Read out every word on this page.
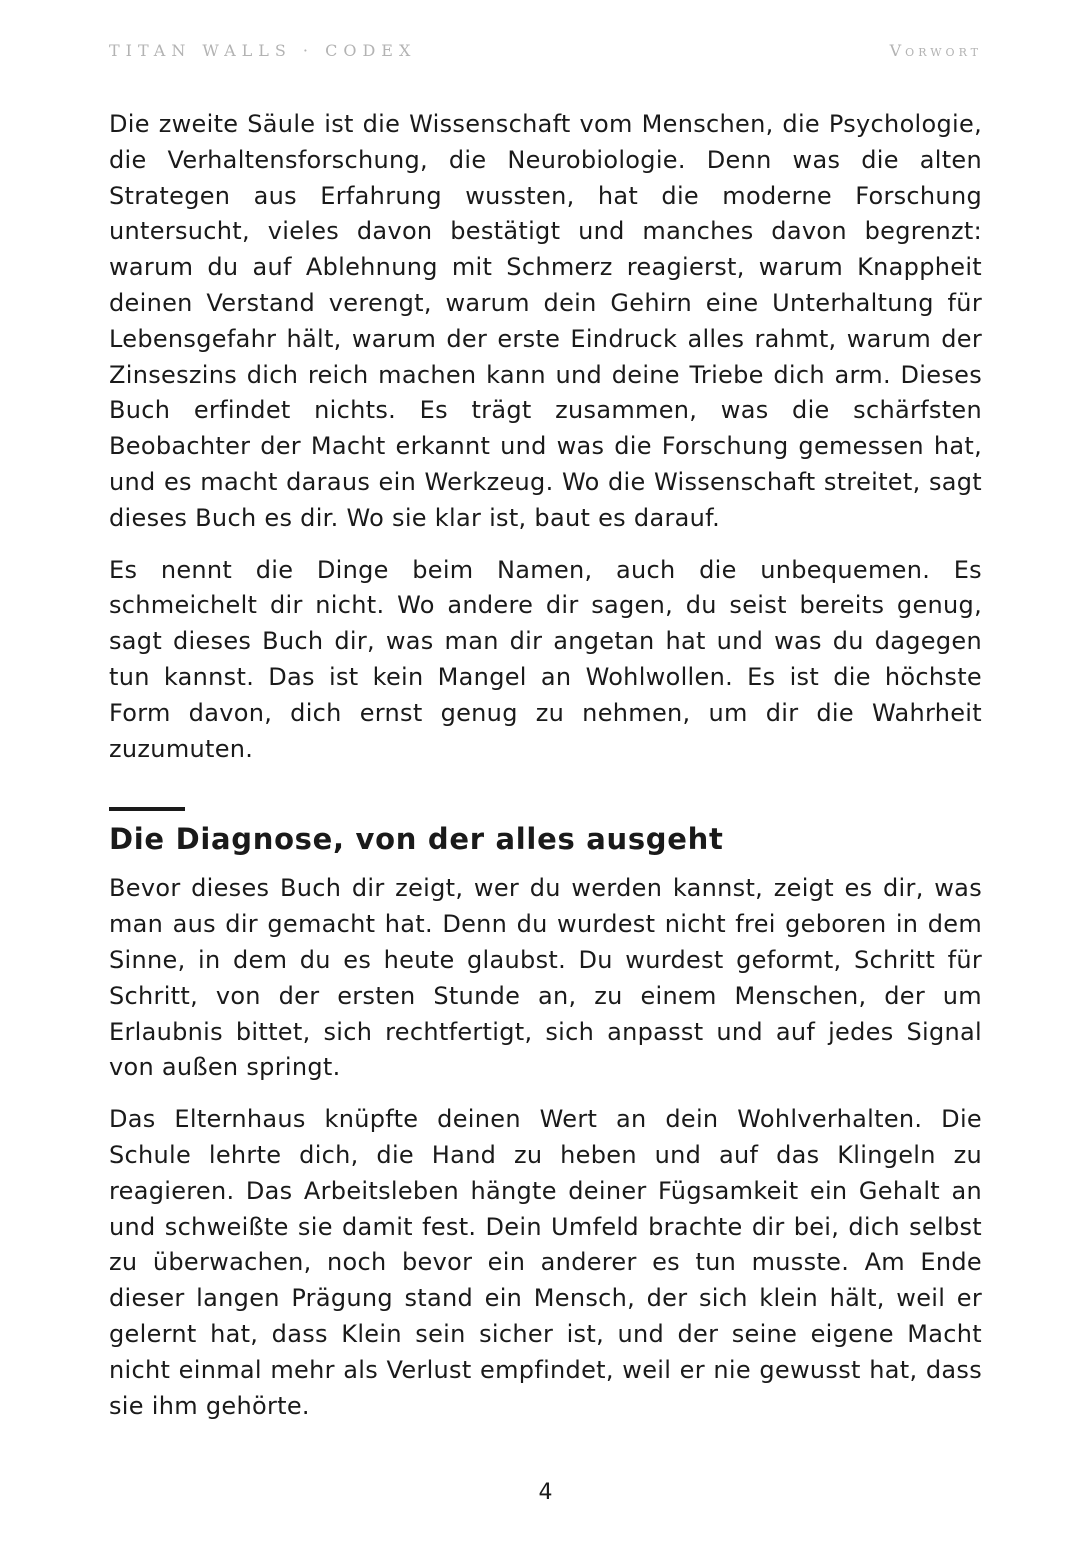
TITAN WALLS · CODEX	Vorwort

Die zweite Säule ist die Wissenschaft vom Menschen, die Psychologie, die Verhaltensforschung, die Neurobiologie. Denn was die alten Strategen aus Erfahrung wussten, hat die moderne Forschung untersucht, vieles davon bestätigt und manches davon begrenzt: warum du auf Ablehnung mit Schmerz reagierst, warum Knappheit deinen Verstand verengt, warum dein Gehirn eine Unterhaltung für Lebensgefahr hält, warum der erste Eindruck alles rahmt, warum der Zinseszins dich reich machen kann und deine Triebe dich arm. Dieses Buch erfindet nichts. Es trägt zusammen, was die schärfsten Beobachter der Macht erkannt und was die Forschung gemessen hat, und es macht daraus ein Werkzeug. Wo die Wissenschaft streitet, sagt dieses Buch es dir. Wo sie klar ist, baut es darauf.

Es nennt die Dinge beim Namen, auch die unbequemen. Es schmeichelt dir nicht. Wo andere dir sagen, du seist bereits genug, sagt dieses Buch dir, was man dir angetan hat und was du dagegen tun kannst. Das ist kein Mangel an Wohlwollen. Es ist die höchste Form davon, dich ernst genug zu nehmen, um dir die Wahrheit zuzumuten.

Die Diagnose, von der alles ausgeht

Bevor dieses Buch dir zeigt, wer du werden kannst, zeigt es dir, was man aus dir gemacht hat. Denn du wurdest nicht frei geboren in dem Sinne, in dem du es heute glaubst. Du wurdest geformt, Schritt für Schritt, von der ersten Stunde an, zu einem Menschen, der um Erlaubnis bittet, sich rechtfertigt, sich anpasst und auf jedes Signal von außen springt.

Das Elternhaus knüpfte deinen Wert an dein Wohlverhalten. Die Schule lehrte dich, die Hand zu heben und auf das Klingeln zu reagieren. Das Arbeitsleben hängte deiner Fügsamkeit ein Gehalt an und schweißte sie damit fest. Dein Umfeld brachte dir bei, dich selbst zu überwachen, noch bevor ein anderer es tun musste. Am Ende dieser langen Prägung stand ein Mensch, der sich klein hält, weil er gelernt hat, dass Klein sein sicher ist, und der seine eigene Macht nicht einmal mehr als Verlust empfindet, weil er nie gewusst hat, dass sie ihm gehörte.

4
